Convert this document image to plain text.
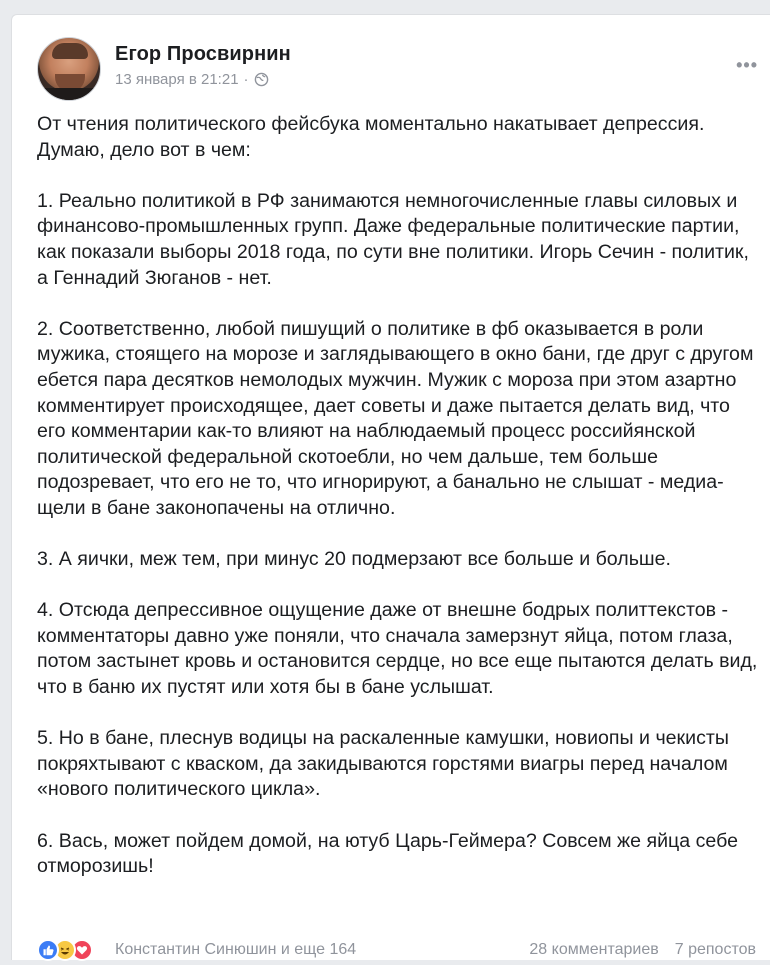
Егор Просвирнин
13 января в 21:21 ·
•••

От чтения политического фейсбука моментально накатывает депрессия. Думаю, дело вот в чем:

1. Реально политикой в РФ занимаются немногочисленные главы силовых и финансово-промышленных групп. Даже федеральные политические партии, как показали выборы 2018 года, по сути вне политики. Игорь Сечин - политик, а Геннадий Зюганов - нет.

2. Соответственно, любой пишущий о политике в фб оказывается в роли мужика, стоящего на морозе и заглядывающего в окно бани, где друг с другом ебется пара десятков немолодых мужчин. Мужик с мороза при этом азартно комментирует происходящее, дает советы и даже пытается делать вид, что его комментарии как-то влияют на наблюдаемый процесс российянской политической федеральной скотоебли, но чем дальше, тем больше подозревает, что его не то, что игнорируют, а банально не слышат - медиа-щели в бане законопачены на отлично.

3. А яички, меж тем, при минус 20 подмерзают все больше и больше.

4. Отсюда депрессивное ощущение даже от внешне бодрых политтекстов - комментаторы давно уже поняли, что сначала замерзнут яйца, потом глаза, потом застынет кровь и остановится сердце, но все еще пытаются делать вид, что в баню их пустят или хотя бы в бане услышат.

5. Но в бане, плеснув водицы на раскаленные камушки, новиопы и чекисты покряхтывают с кваском, да закидываются горстями виагры перед началом «нового политического цикла».

6. Вась, может пойдем домой, на ютуб Царь-Геймера? Совсем же яйца себе отморозишь!

Константин Синюшин и еще 164	28 комментариев 7 репостов
